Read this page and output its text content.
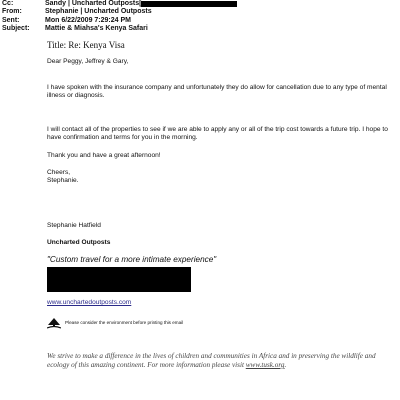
Cc:	Sandy | Uncharted Outposts[
From:	Stephanie | Uncharted Outposts
Sent:	Mon 6/22/2009 7:29:24 PM
Subject: Mattie & Miahsa's Kenya Safari
Title: Re: Kenya Visa

Dear Peggy, Jeffrey & Gary,

I have spoken with the insurance company and unfortunately they do allow for cancellation due to any type of mental illness or diagnosis.

I will contact all of the properties to see if we are able to apply any or all of the trip cost towards a future trip. I hope to have confirmation and terms for you in the morning.

Thank you and have a great afternoon!

Cheers,

Stephanie.

Stephanie Hatfield

Uncharted Outposts

"Custom travel for a more intimate experience"

www.unchartedoutposts.com

Please consider the environment before printing this email
We strive to make a difference in the lives of children and communities in Africa and in preserving the wildlife and ecology of this amazing continent. For more information please visit www.tusk.org.
